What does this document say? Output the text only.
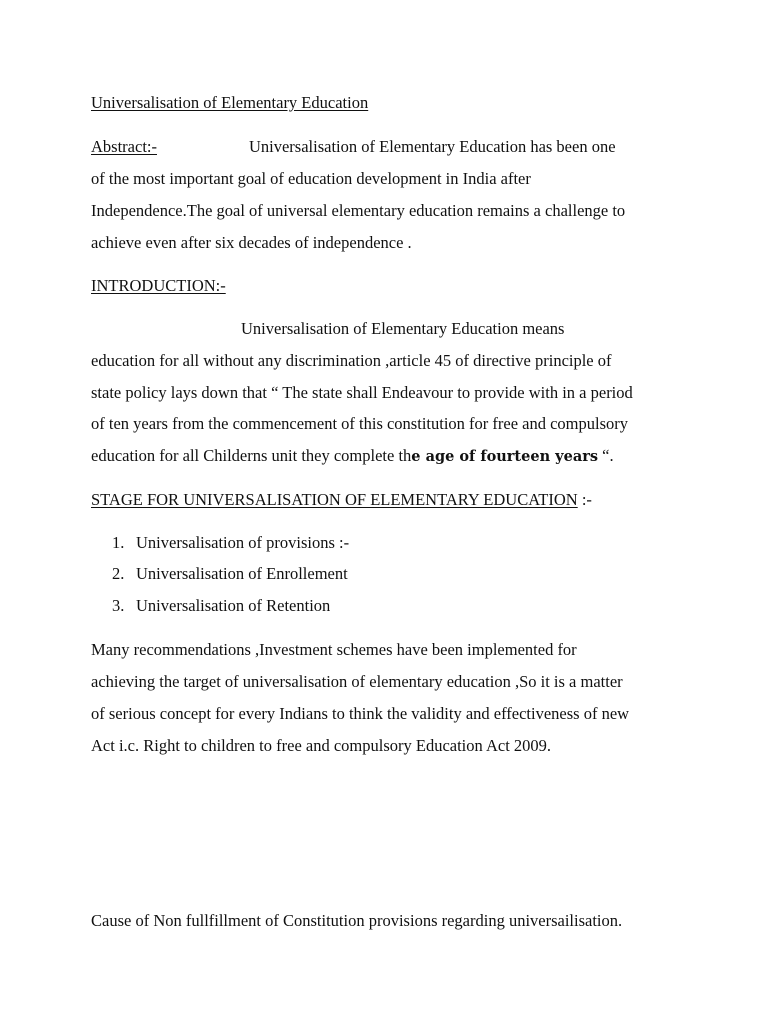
Universalisation of Elementary Education
Abstract:-	Universalisation of Elementary Education has been one
of the most important goal of education development in India after
Independence.The goal of universal elementary education remains a challenge to
achieve even after six decades of independence .
INTRODUCTION:-
Universalisation of Elementary Education means
education for all without any discrimination ,article 45 of directive principle of
state policy lays down that “ The state shall Endeavour to provide with in a period
of ten years from the commencement of this constitution for free and compulsory
education for all Childerns unit they complete the age of fourteen years “.
STAGE FOR UNIVERSALISATION OF ELEMENTARY EDUCATION :-
1. Universalisation of provisions :-
2. Universalisation of Enrollement
3. Universalisation of Retention
Many recommendations ,Investment schemes have been implemented for
achieving the target of universalisation of elementary education ,So it is a matter
of serious concept for every Indians to think the validity and effectiveness of new
Act i.c. Right to children to free and compulsory Education Act 2009.
Cause of Non fullfillment of Constitution provisions regarding universailisation.
